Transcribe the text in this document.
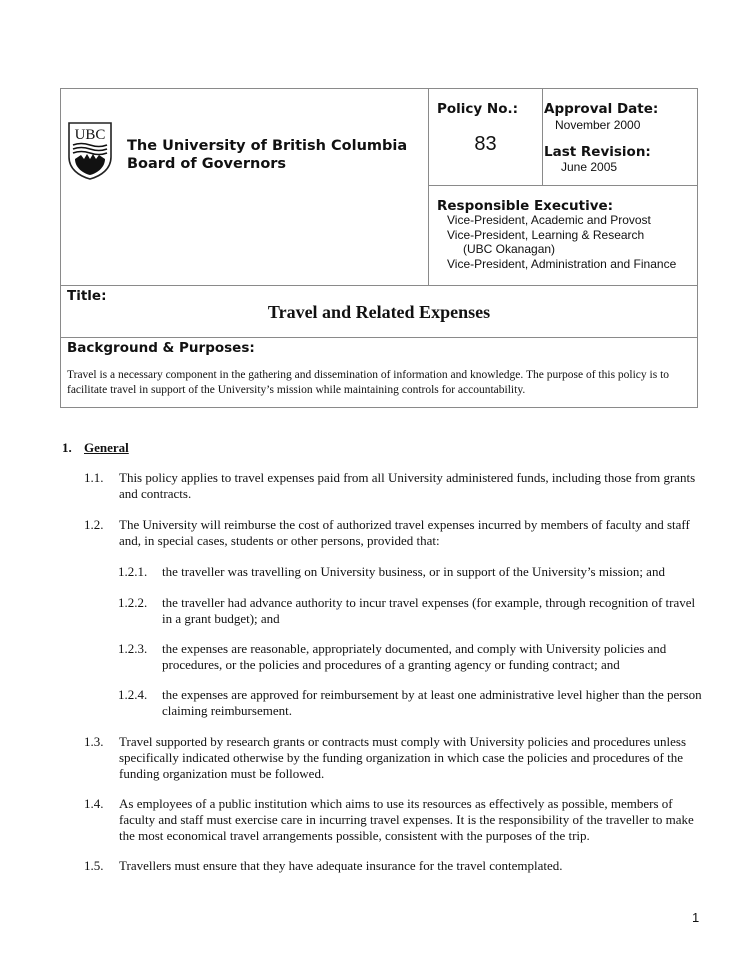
UBC
The University of British Columbia
Board of Governors
Policy No.:
83
Approval Date:
November 2000
Last Revision:
June 2005
Responsible Executive:
Vice-President, Academic and Provost
Vice-President, Learning & Research
(UBC Okanagan)
Vice-President, Administration and Finance
Title:
Travel and Related Expenses
Background & Purposes:
Travel is a necessary component in the gathering and dissemination of information and knowledge. The purpose of this policy is to facilitate travel in support of the University’s mission while maintaining controls for accountability.
1. General
1.1.	This policy applies to travel expenses paid from all University administered funds, including those from grants and contracts.
1.2.	The University will reimburse the cost of authorized travel expenses incurred by members of faculty and staff and, in special cases, students or other persons, provided that:
1.2.1.	the traveller was travelling on University business, or in support of the University’s mission; and
1.2.2.	the traveller had advance authority to incur travel expenses (for example, through recognition of travel in a grant budget); and
1.2.3.	the expenses are reasonable, appropriately documented, and comply with University policies and procedures, or the policies and procedures of a granting agency or funding contract; and
1.2.4.	the expenses are approved for reimbursement by at least one administrative level higher than the person claiming reimbursement.
1.3.	Travel supported by research grants or contracts must comply with University policies and procedures unless specifically indicated otherwise by the funding organization in which case the policies and procedures of the funding organization must be followed.
1.4.	As employees of a public institution which aims to use its resources as effectively as possible, members of faculty and staff must exercise care in incurring travel expenses. It is the responsibility of the traveller to make the most economical travel arrangements possible, consistent with the purposes of the trip.
1.5.	Travellers must ensure that they have adequate insurance for the travel contemplated.
1
